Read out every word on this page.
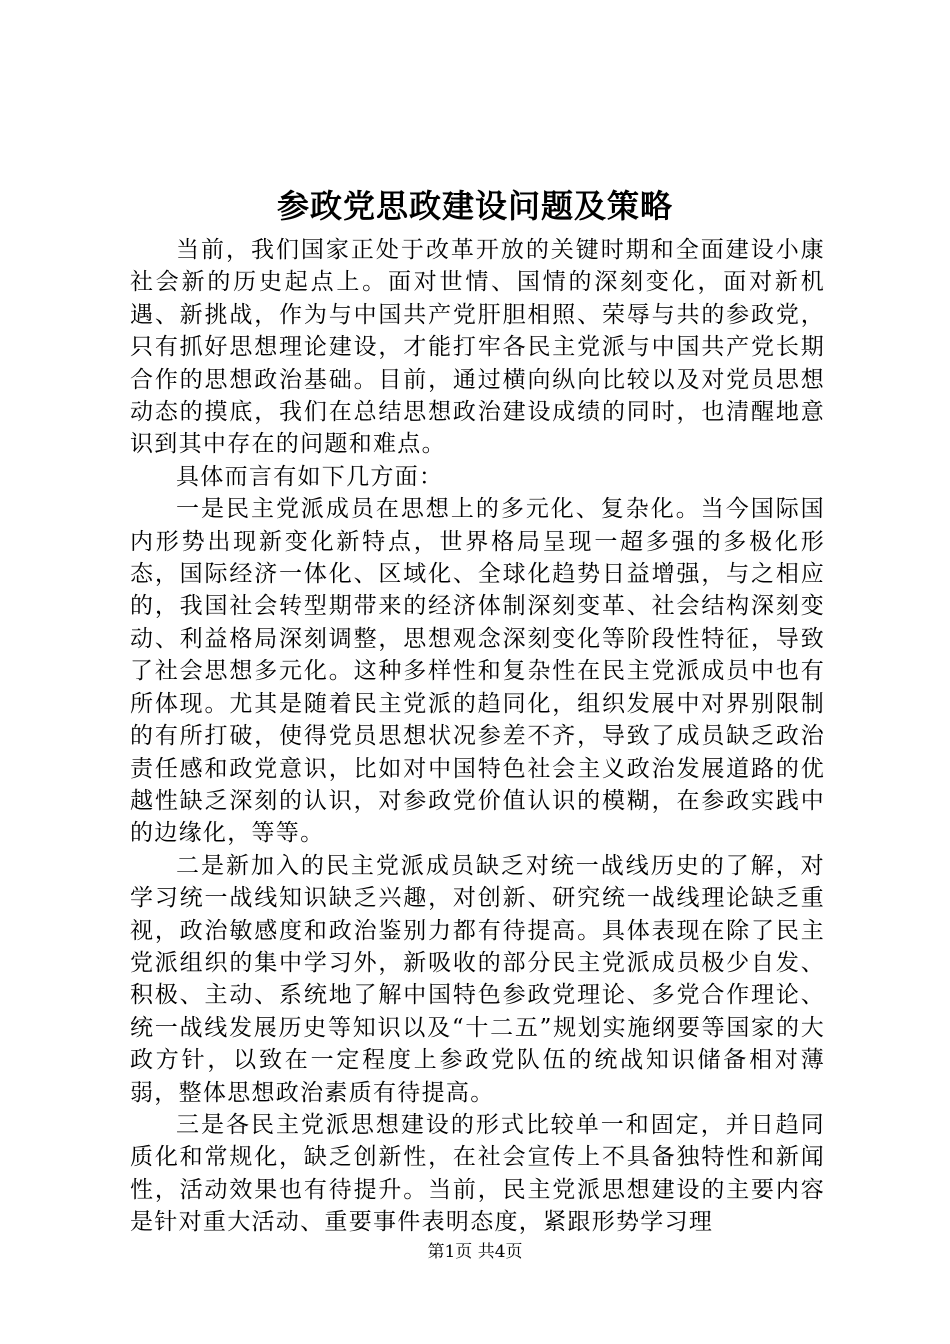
参政党思政建设问题及策略

当前，我们国家正处于改革开放的关键时期和全面建设小康社会新的历史起点上。面对世情、国情的深刻变化，面对新机遇、新挑战，作为与中国共产党肝胆相照、荣辱与共的参政党，只有抓好思想理论建设，才能打牢各民主党派与中国共产党长期合作的思想政治基础。目前，通过横向纵向比较以及对党员思想动态的摸底，我们在总结思想政治建设成绩的同时，也清醒地意识到其中存在的问题和难点。

具体而言有如下几方面：

一是民主党派成员在思想上的多元化、复杂化。当今国际国内形势出现新变化新特点，世界格局呈现一超多强的多极化形态，国际经济一体化、区域化、全球化趋势日益增强，与之相应的，我国社会转型期带来的经济体制深刻变革、社会结构深刻变动、利益格局深刻调整，思想观念深刻变化等阶段性特征，导致了社会思想多元化。这种多样性和复杂性在民主党派成员中也有所体现。尤其是随着民主党派的趋同化，组织发展中对界别限制的有所打破，使得党员思想状况参差不齐，导致了成员缺乏政治责任感和政党意识，比如对中国特色社会主义政治发展道路的优越性缺乏深刻的认识，对参政党价值认识的模糊，在参政实践中的边缘化，等等。

二是新加入的民主党派成员缺乏对统一战线历史的了解，对学习统一战线知识缺乏兴趣，对创新、研究统一战线理论缺乏重视，政治敏感度和政治鉴别力都有待提高。具体表现在除了民主党派组织的集中学习外，新吸收的部分民主党派成员极少自发、积极、主动、系统地了解中国特色参政党理论、多党合作理论、统一战线发展历史等知识以及“十二五”规划实施纲要等国家的大政方针，以致在一定程度上参政党队伍的统战知识储备相对薄弱，整体思想政治素质有待提高。

三是各民主党派思想建设的形式比较单一和固定，并日趋同质化和常规化，缺乏创新性，在社会宣传上不具备独特性和新闻性，活动效果也有待提升。当前，民主党派思想建设的主要内容是针对重大活动、重要事件表明态度，紧跟形势学习理

第1页 共4页
